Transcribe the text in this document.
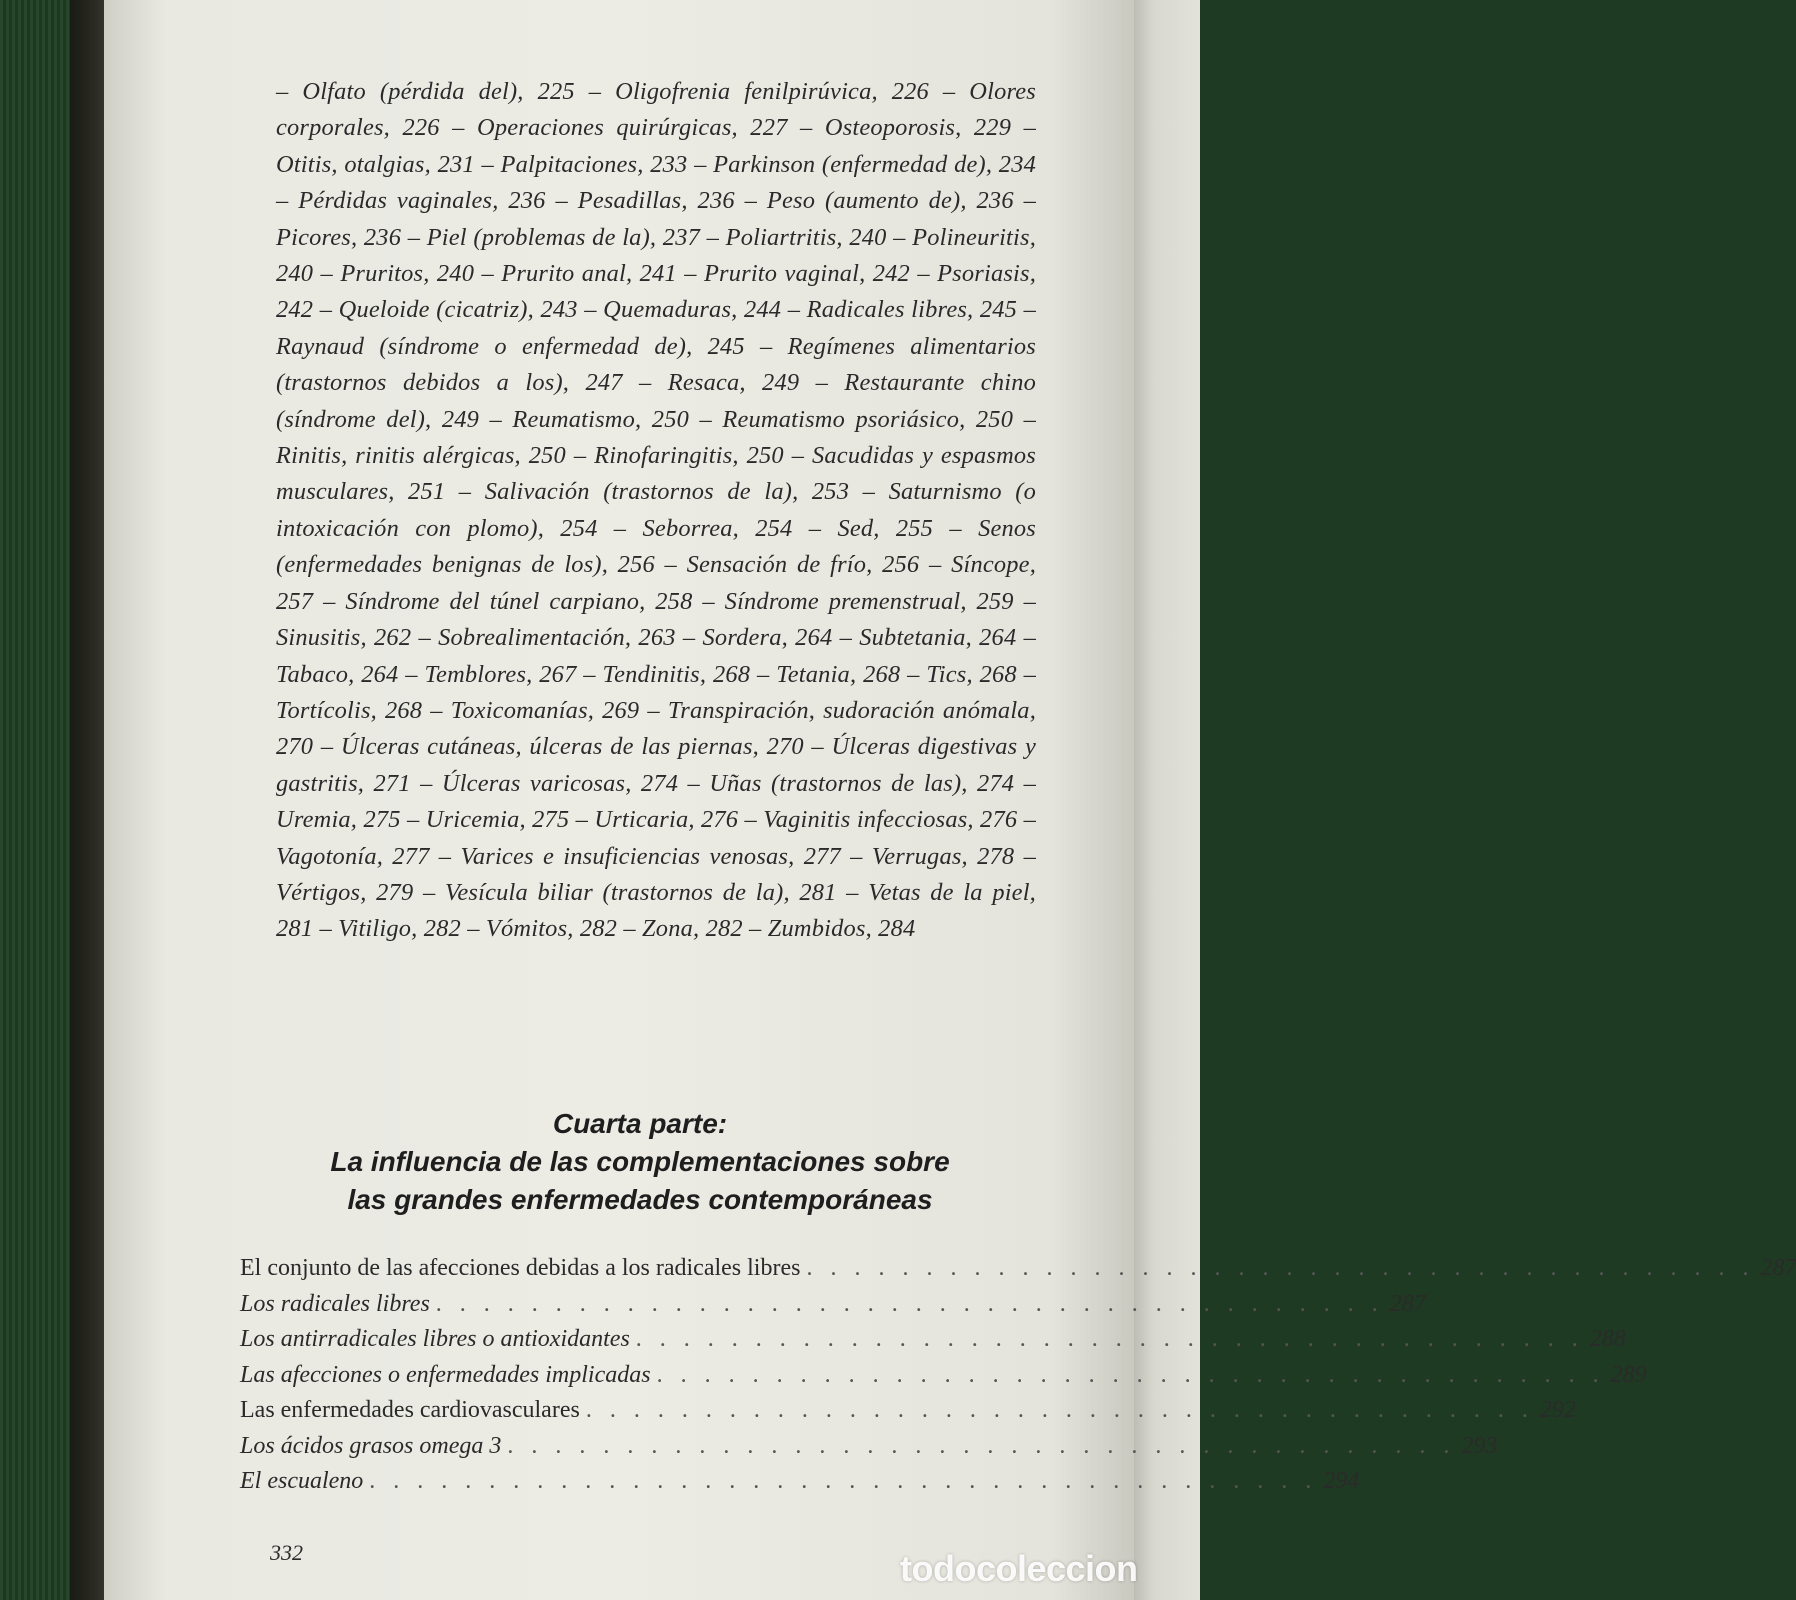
– Olfato (pérdida del), 225 – Oligofrenia fenilpirúvica, 226 – Olores corporales, 226 – Operaciones quirúrgicas, 227 – Osteoporosis, 229 – Otitis, otalgias, 231 – Palpitaciones, 233 – Parkinson (enfermedad de), 234 – Pérdidas vaginales, 236 – Pesadillas, 236 – Peso (aumento de), 236 – Picores, 236 – Piel (problemas de la), 237 – Poliartritis, 240 – Polineuritis, 240 – Pruritos, 240 – Prurito anal, 241 – Prurito vaginal, 242 – Psoriasis, 242 – Queloide (cicatriz), 243 – Quemaduras, 244 – Radicales libres, 245 – Raynaud (síndrome o enfermedad de), 245 – Regímenes alimentarios (trastornos debidos a los), 247 – Resaca, 249 – Restaurante chino (síndrome del), 249 – Reumatismo, 250 – Reumatismo psoriásico, 250 – Rinitis, rinitis alérgicas, 250 – Rinofaringitis, 250 – Sacudidas y espasmos musculares, 251 – Salivación (trastornos de la), 253 – Saturnismo (o intoxicación con plomo), 254 – Seborrea, 254 – Sed, 255 – Senos (enfermedades benignas de los), 256 – Sensación de frío, 256 – Síncope, 257 – Síndrome del túnel carpiano, 258 – Síndrome premenstrual, 259 – Sinusitis, 262 – Sobrealimentación, 263 – Sordera, 264 – Subtetania, 264 – Tabaco, 264 – Temblores, 267 – Tendinitis, 268 – Tetania, 268 – Tics, 268 – Tortícolis, 268 – Toxicomanías, 269 – Transpiración, sudoración anómala, 270 – Úlceras cutáneas, úlceras de las piernas, 270 – Úlceras digestivas y gastritis, 271 – Úlceras varicosas, 274 – Uñas (trastornos de las), 274 – Uremia, 275 – Uricemia, 275 – Urticaria, 276 – Vaginitis infecciosas, 276 – Vagotonía, 277 – Varices e insuficiencias venosas, 277 – Verrugas, 278 – Vértigos, 279 – Vesícula biliar (trastornos de la), 281 – Vetas de la piel, 281 – Vitiligo, 282 – Vómitos, 282 – Zona, 282 – Zumbidos, 284
Cuarta parte:
La influencia de las complementaciones sobre
las grandes enfermedades contemporáneas
El conjunto de las afecciones debidas a los radicales libres . . . . . . . . . . . . . . . . . . . . . . . . . . . . . . . . . . . . . . . . 287
Los radicales libres . . . . . . . . . . . . . . . . . . . . . . . . . . . . . . . . . . . . . . . . 287
Los antirradicales libres o antioxidantes . . . . . . . . . . . . . . . . . . . . . . . . . . . . . . . . . . . . . . . . 288
Las afecciones o enfermedades implicadas . . . . . . . . . . . . . . . . . . . . . . . . . . . . . . . . . . . . . . . . 289
Las enfermedades cardiovasculares . . . . . . . . . . . . . . . . . . . . . . . . . . . . . . . . . . . . . . . . 292
Los ácidos grasos omega 3 . . . . . . . . . . . . . . . . . . . . . . . . . . . . . . . . . . . . . . . . 293
El escualeno . . . . . . . . . . . . . . . . . . . . . . . . . . . . . . . . . . . . . . . . 294
332	todocoleccion
